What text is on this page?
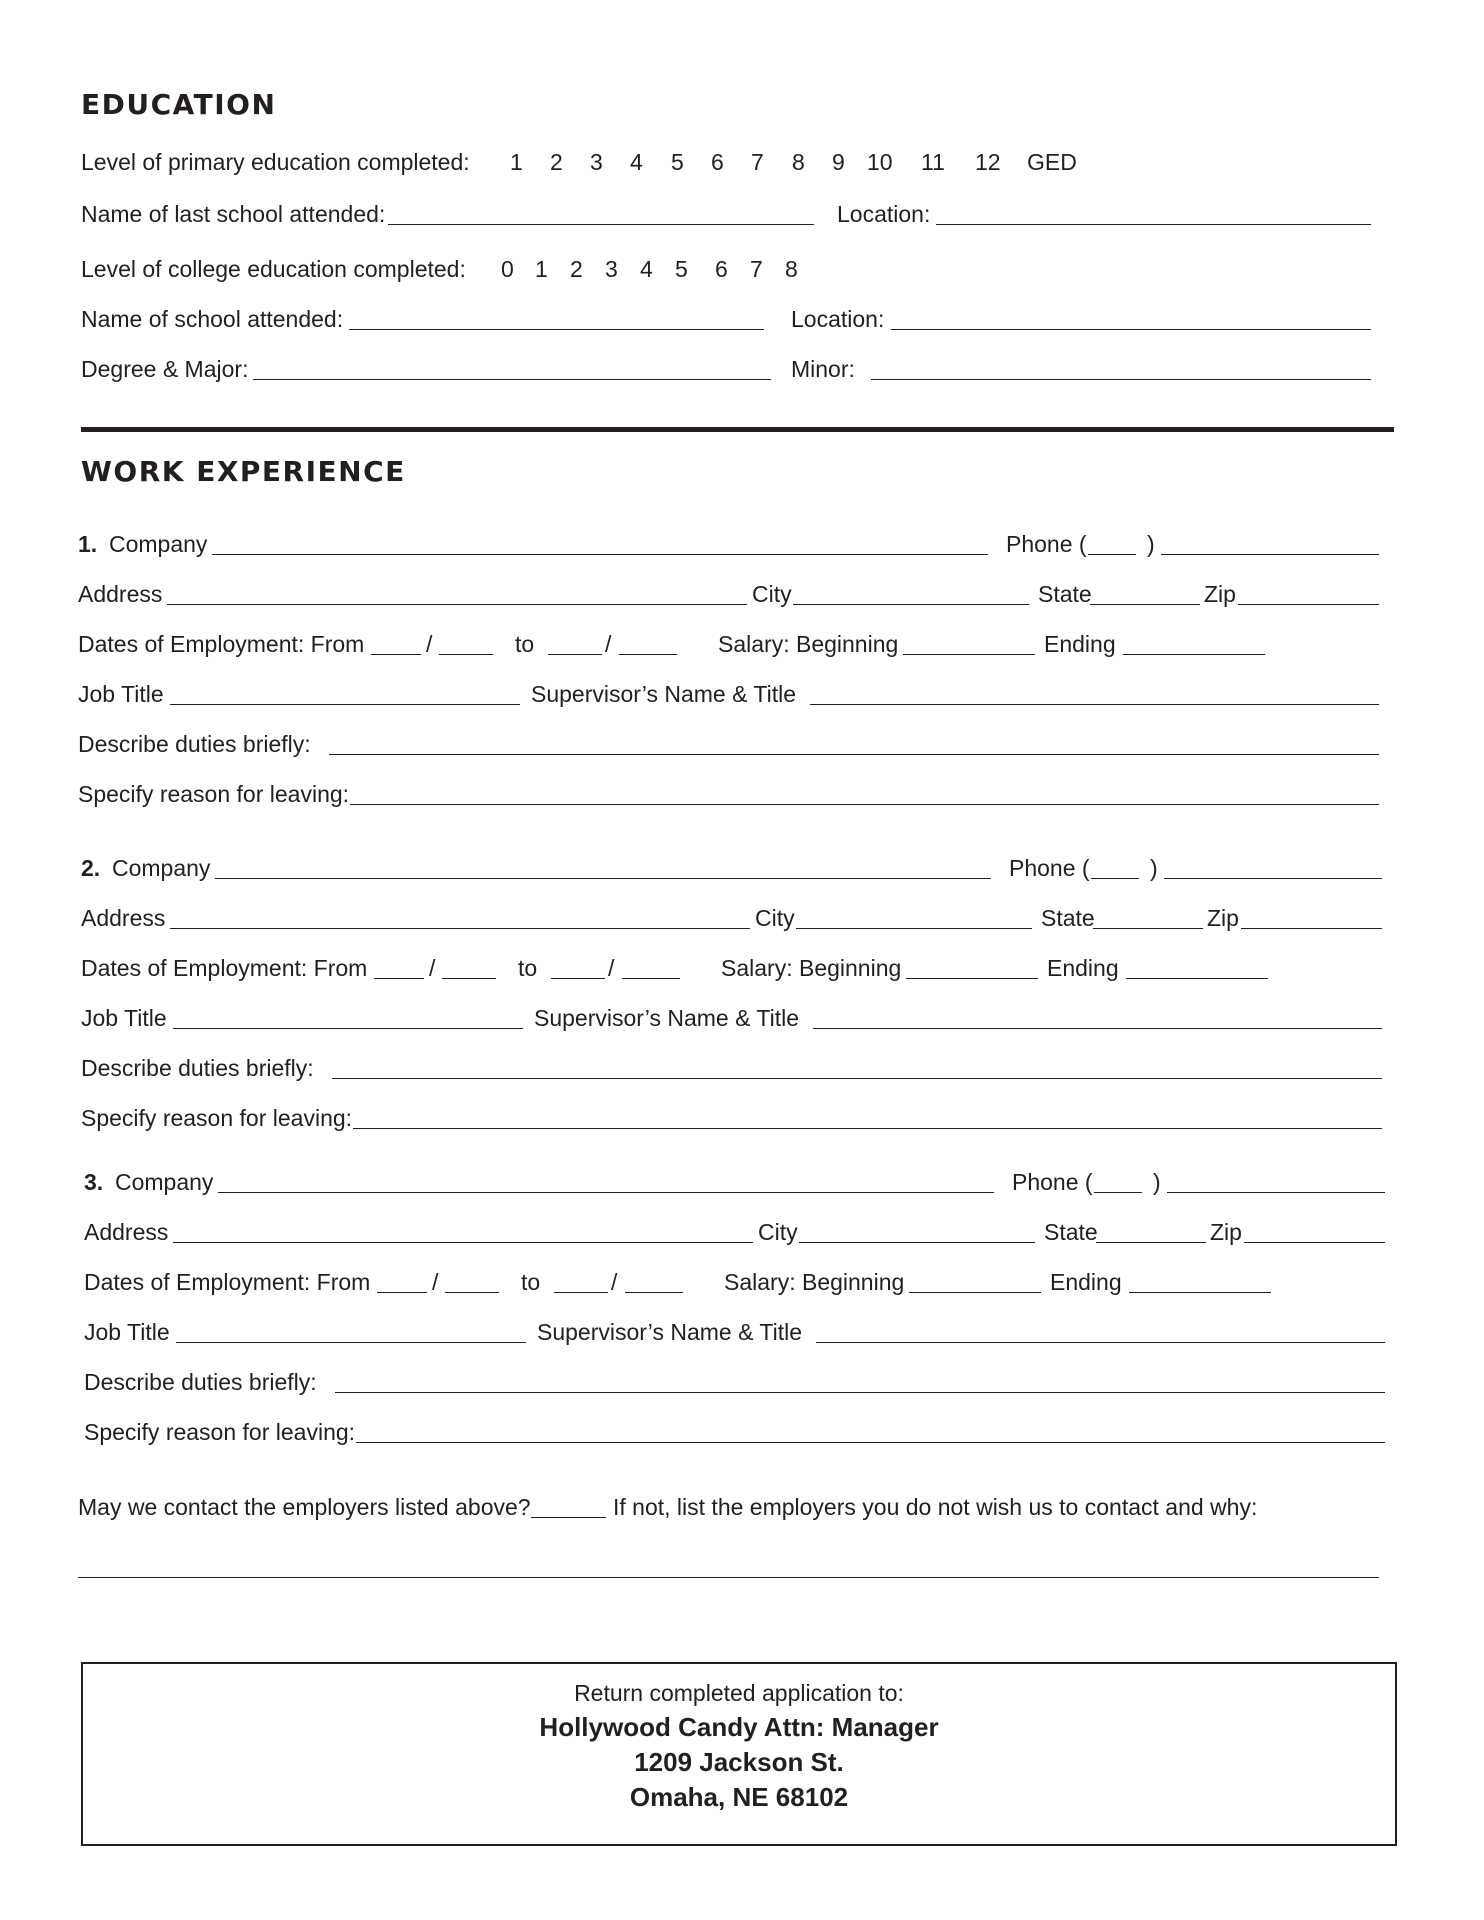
EDUCATION
Level of primary education completed: 1 2 3 4 5 6 7 8 9 10 11 12 GED
Name of last school attended:	Location:
Level of college education completed: 0 1 2 3 4 5 6 7 8
Name of school attended:	Location:
Degree & Major:	Minor:
WORK EXPERIENCE
1. Company	Phone (	)
Address	City	State	Zip
Dates of Employment: From	/	to	/	Salary: Beginning	Ending
Job Title	Supervisor’s Name & Title
Describe duties briefly:
Specify reason for leaving:
2. Company	Phone (	)
Address	City	State	Zip
Dates of Employment: From	/	to	/	Salary: Beginning	Ending
Job Title	Supervisor’s Name & Title
Describe duties briefly:
Specify reason for leaving:
3. Company	Phone (	)
Address	City	State	Zip
Dates of Employment: From	/	to	/	Salary: Beginning	Ending
Job Title	Supervisor’s Name & Title
Describe duties briefly:
Specify reason for leaving:
May we contact the employers listed above?	If not, list the employers you do not wish us to contact and why:
Return completed application to:
Hollywood Candy Attn: Manager
1209 Jackson St.
Omaha, NE 68102
